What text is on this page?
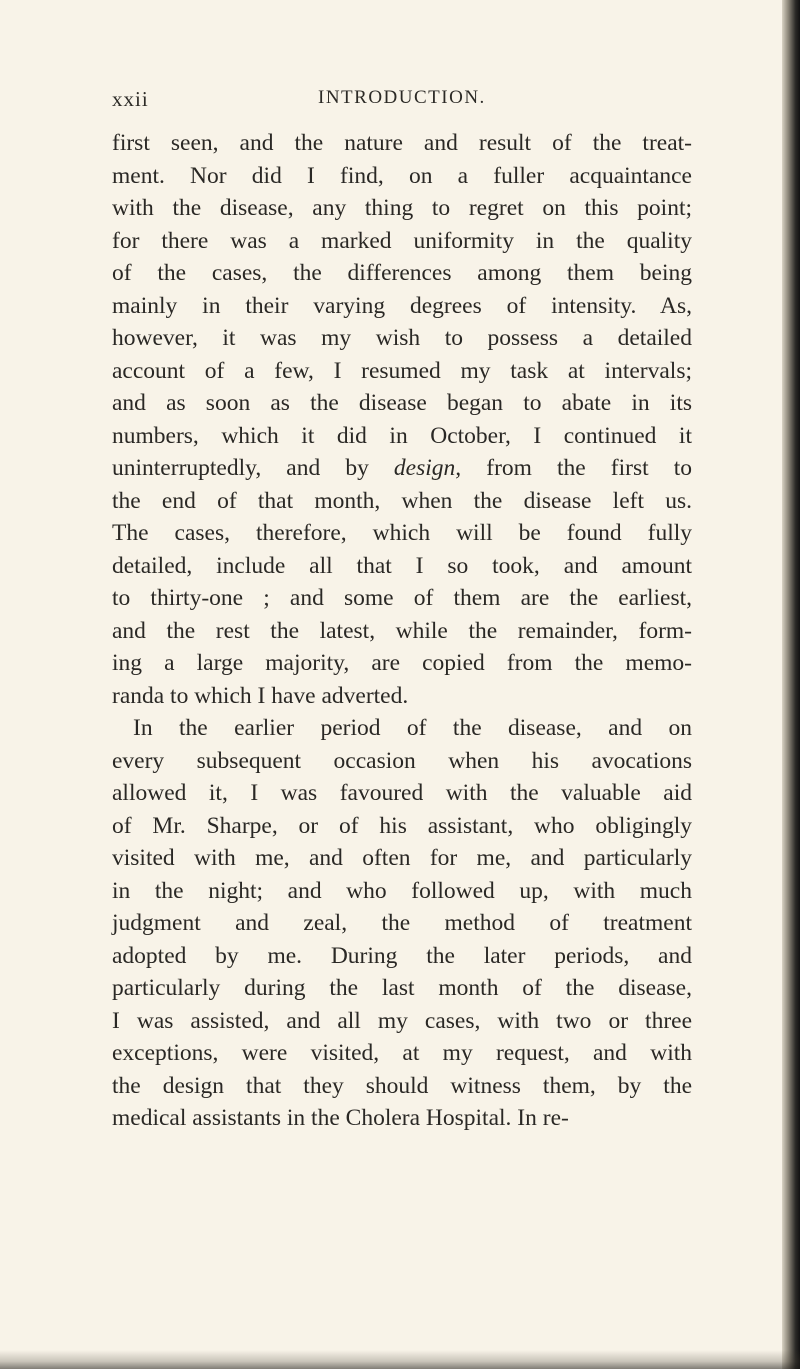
xxii	INTRODUCTION.
first seen, and the nature and result of the treat-
ment. Nor did I find, on a fuller acquaintance
with the disease, any thing to regret on this point;
for there was a marked uniformity in the quality
of the cases, the differences among them being
mainly in their varying degrees of intensity. As,
however, it was my wish to possess a detailed
account of a few, I resumed my task at intervals;
and as soon as the disease began to abate in its
numbers, which it did in October, I continued it
uninterruptedly, and by design, from the first to
the end of that month, when the disease left us.
The cases, therefore, which will be found fully
detailed, include all that I so took, and amount
to thirty-one ; and some of them are the earliest,
and the rest the latest, while the remainder, form-
ing a large majority, are copied from the memo-
randa to which I have adverted.
In the earlier period of the disease, and on
every subsequent occasion when his avocations
allowed it, I was favoured with the valuable aid
of Mr. Sharpe, or of his assistant, who obligingly
visited with me, and often for me, and particularly
in the night; and who followed up, with much
judgment and zeal, the method of treatment
adopted by me. During the later periods, and
particularly during the last month of the disease,
I was assisted, and all my cases, with two or three
exceptions, were visited, at my request, and with
the design that they should witness them, by the
medical assistants in the Cholera Hospital. In re-
